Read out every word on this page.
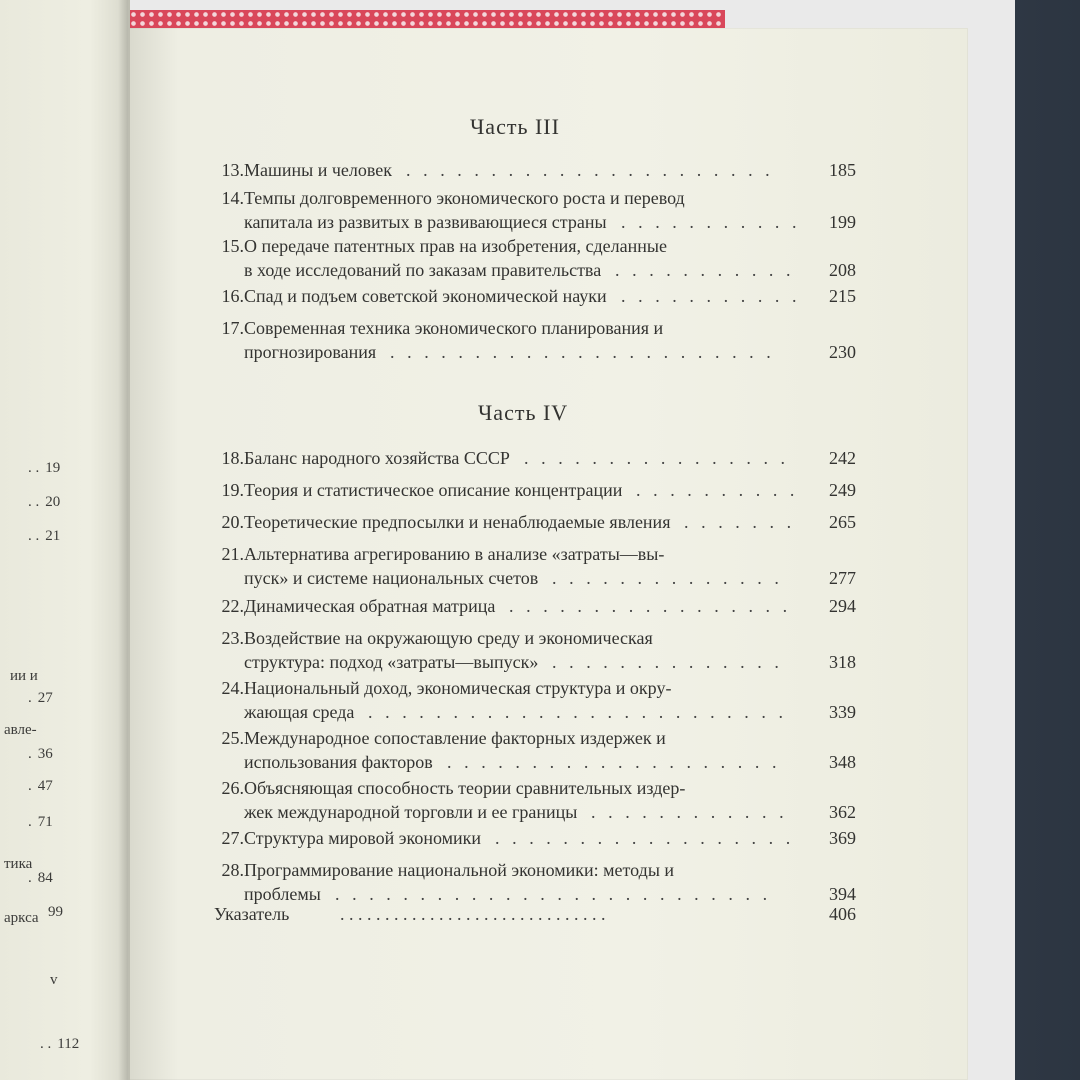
. . 19
. . 20
. . 21
ии и
. 27
авле-
. 36
. 47
. 71
тика
. 84
аркса 99
v
. . 112
Часть III
13. Машины и человек .  .  .  .  .  .  .  .  .  .  .  .  .  .  .  .  .  .  .  .  .  .	185
14. Темпы долговременного экономического роста и перевод
капитала из развитых в развивающиеся страны .  .  .  .  .  .  .  .  .  .  .	199
15. О передаче патентных прав на изобретения, сделанные
в ходе исследований по заказам правительства .  .  .  .  .  .  .  .  .  .  .	208
16. Спад и подъем советской экономической науки .  .  .  .  .  .  .  .  .  .  .	215
17. Современная техника экономического планирования и
прогнозирования .  .  .  .  .  .  .  .  .  .  .  .  .  .  .  .  .  .  .  .  .  .  .	230
Часть IV
18. Баланс народного хозяйства СССР .  .  .  .  .  .  .  .  .  .  .  .  .  .  .  .	242
19. Теория и статистическое описание концентрации .  .  .  .  .  .  .  .  .  .	249
20. Теоретические предпосылки и ненаблюдаемые явления .  .  .  .  .  .  .	265
21. Альтернатива агрегированию в анализе «затраты—вы-
пуск» и системе национальных счетов .  .  .  .  .  .  .  .  .  .  .  .  .  .	277
22. Динамическая обратная матрица .  .  .  .  .  .  .  .  .  .  .  .  .  .  .  .  .	294
23. Воздействие на окружающую среду и экономическая
структура: подход «затраты—выпуск» .  .  .  .  .  .  .  .  .  .  .  .  .  .	318
24. Национальный доход, экономическая структура и окру-
жающая среда .  .  .  .  .  .  .  .  .  .  .  .  .  .  .  .  .  .  .  .  .  .  .  .  .	339
25. Международное сопоставление факторных издержек и
использования факторов .  .  .  .  .  .  .  .  .  .  .  .  .  .  .  .  .  .  .  .	348
26. Объясняющая способность теории сравнительных издер-
жек международной торговли и ее границы .  .  .  .  .  .  .  .  .  .  .  .	362
27. Структура мировой экономики .  .  .  .  .  .  .  .  .  .  .  .  .  .  .  .  .  .	369
28. Программирование национальной экономики: методы и
проблемы .  .  .  .  .  .  .  .  .  .  .  .  .  .  .  .  .  .  .  .  .  .  .  .  .  .	394
Указатель	. . . . . . . . . . . . . . . . . . . . . . . . . . . . . .	406
